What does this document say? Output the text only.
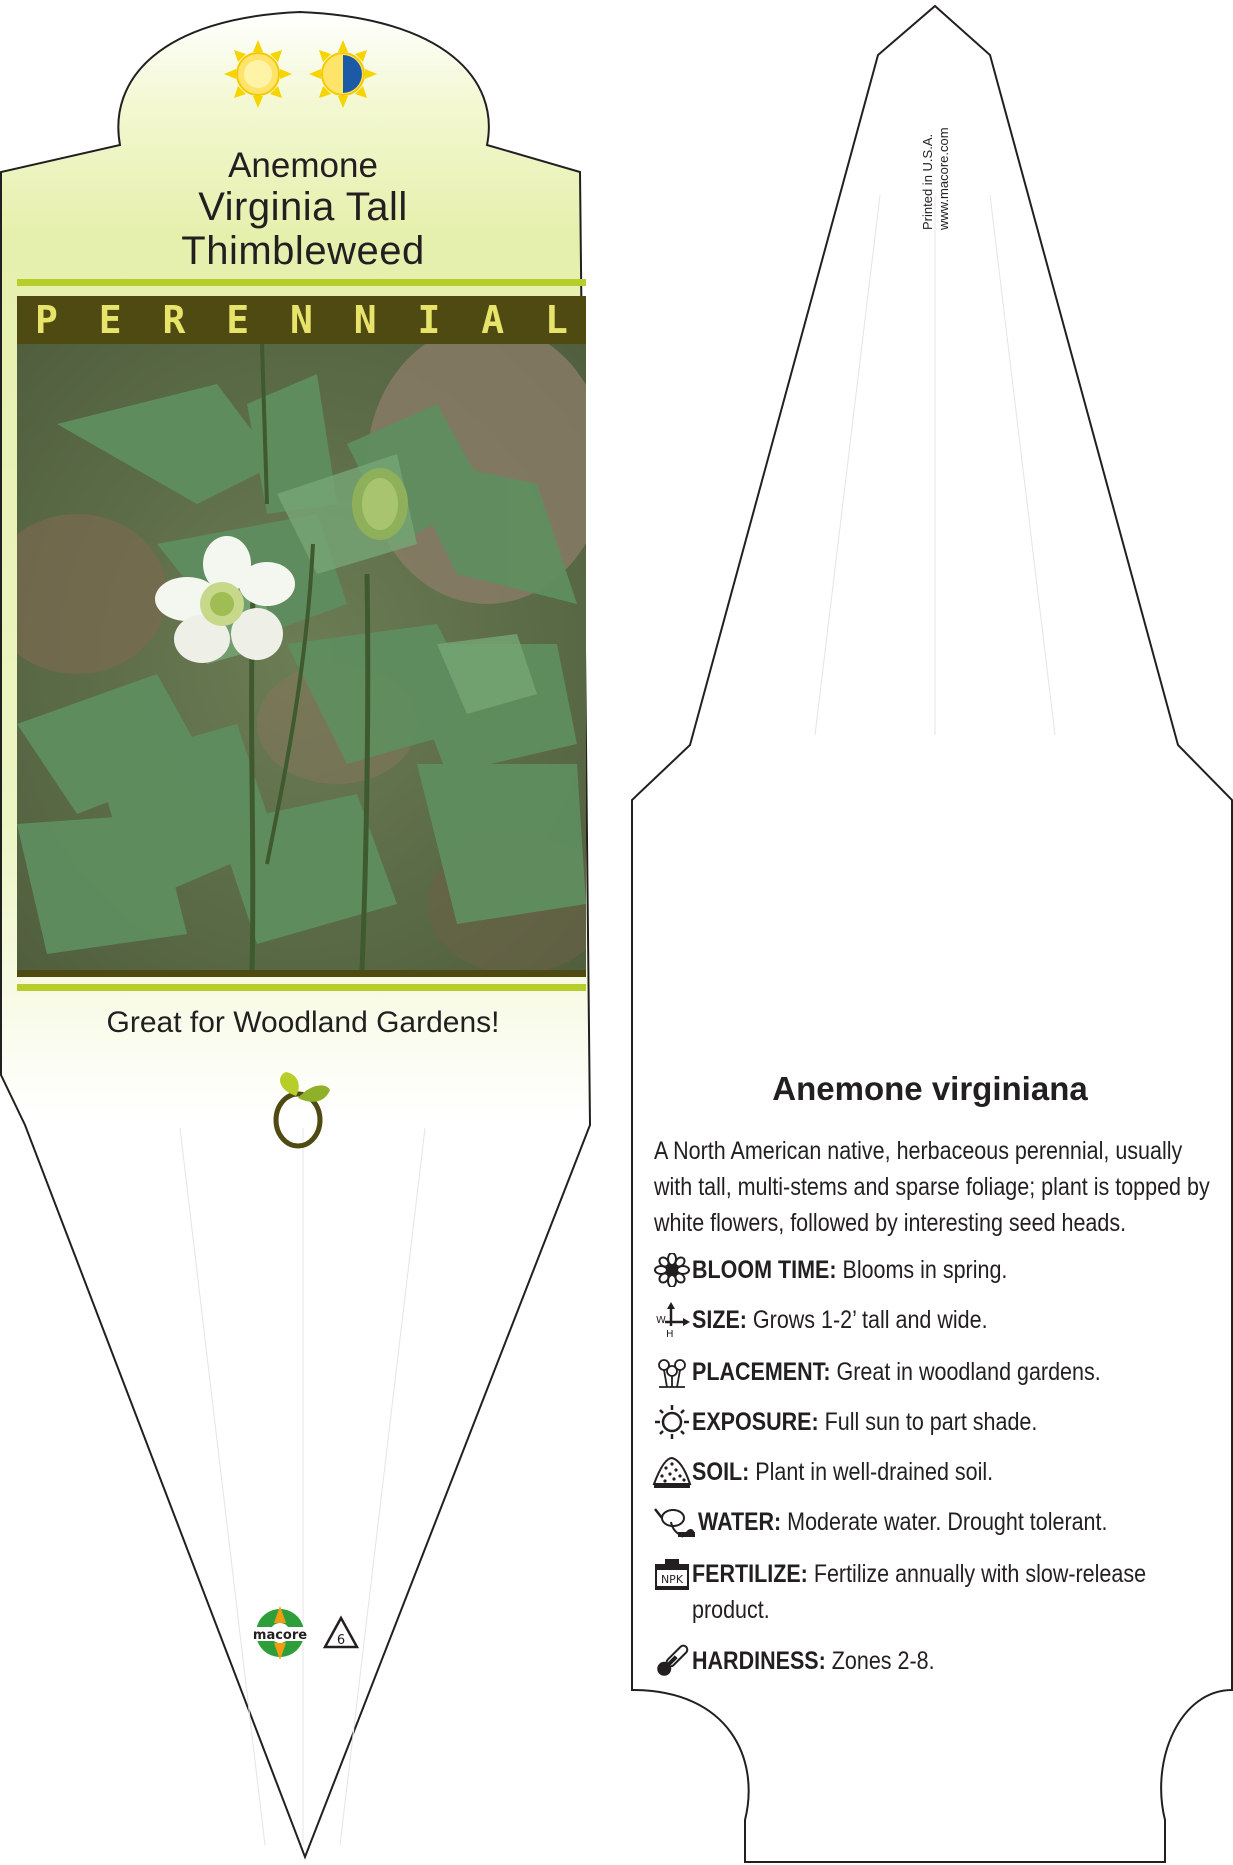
Anemone
Virginia Tall
Thimbleweed
P E R E N N I A L
Great for Woodland Gardens!
macore 6
Printed in U.S.A. www.macore.com
Anemone virginiana
A North American native, herbaceous perennial, usually with tall, multi-stems and sparse foliage; plant is topped by white flowers, followed by interesting seed heads.
BLOOM TIME: Blooms in spring.
W
H
SIZE: Grows 1-2’ tall and wide.
PLACEMENT: Great in woodland gardens.
EXPOSURE: Full sun to part shade.
SOIL: Plant in well-drained soil.
WATER: Moderate water. Drought tolerant.
NPK FERTILIZE: Fertilize annually with slow-release product.
HARDINESS: Zones 2-8.
